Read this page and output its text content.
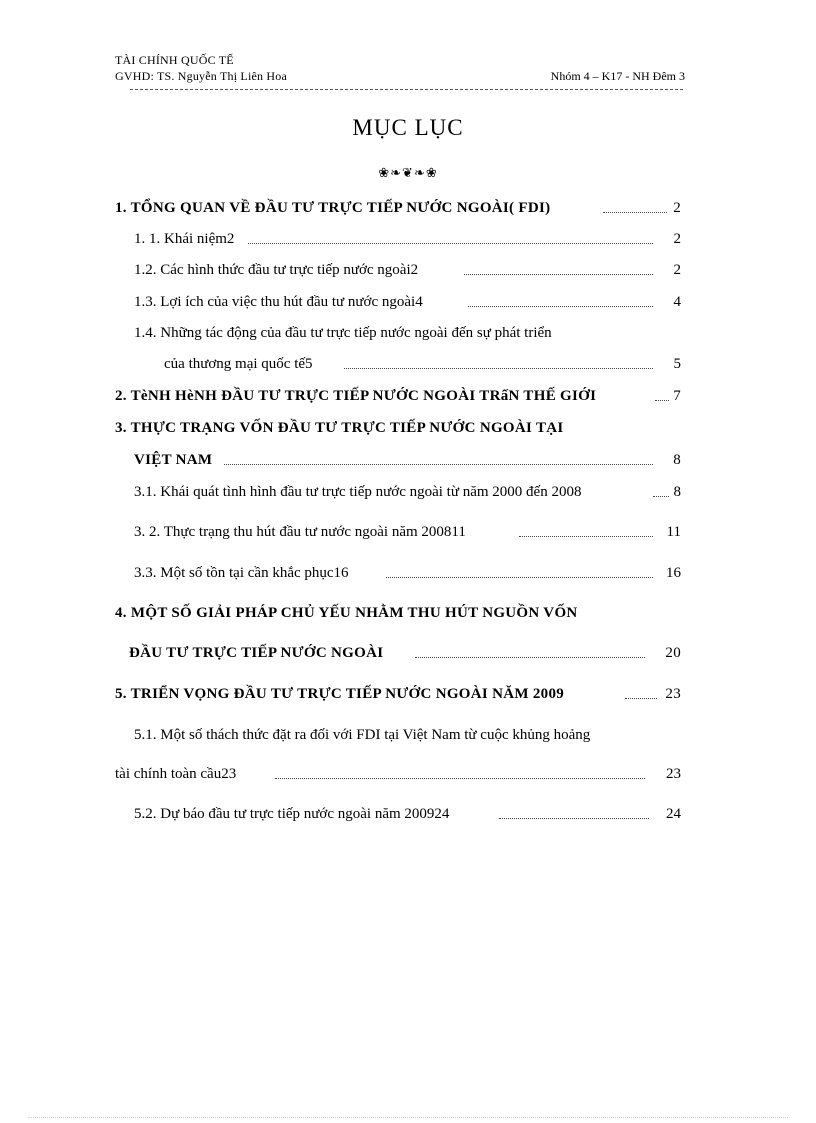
TÀI CHÍNH QUỐC TẾ
GVHD: TS. Nguyễn Thị Liên Hoa	Nhóm 4 – K17 - NH Đêm 3
MỤC LỤC
❀❧❦❧❀
1. TỔNG QUAN VỀ ĐẦU TƯ TRỰC TIẾP NƯỚC NGOÀI( FDI)	2
1. 1. Khái niệm2	2
1.2. Các hình thức đầu tư trực tiếp nước ngoài2	2
1.3. Lợi ích của việc thu hút đầu tư nước ngoài4	4
1.4. Những tác động của đầu tư trực tiếp nước ngoài đến sự phát triển
của thương mại quốc tế5	5
2. TèNH HèNH ĐẦU TƯ TRỰC TIẾP NƯỚC NGOÀI TRấN THẾ GIỚI	7
3. THỰC TRẠNG VỐN ĐẦU TƯ TRỰC TIẾP NƯỚC NGOÀI TẠI
VIỆT NAM	8
3.1. Khái quát tình hình đầu tư trực tiếp nước ngoài từ năm 2000 đến 2008	8
3. 2. Thực trạng thu hút đầu tư nước ngoài năm 200811	11
3.3. Một số tồn tại cần khắc phục16	16
4. MỘT SỐ GIẢI PHÁP CHỦ YẾU NHẰM THU HÚT NGUỒN VỐN
ĐẦU TƯ TRỰC TIẾP NƯỚC NGOÀI	20
5. TRIỂN VỌNG ĐẦU TƯ TRỰC TIẾP NƯỚC NGOÀI NĂM 2009	23
5.1. Một số thách thức đặt ra đối với FDI tại Việt Nam từ cuộc khủng hoảng
tài chính toàn cầu23	23
5.2. Dự báo đầu tư trực tiếp nước ngoài năm 200924	24
